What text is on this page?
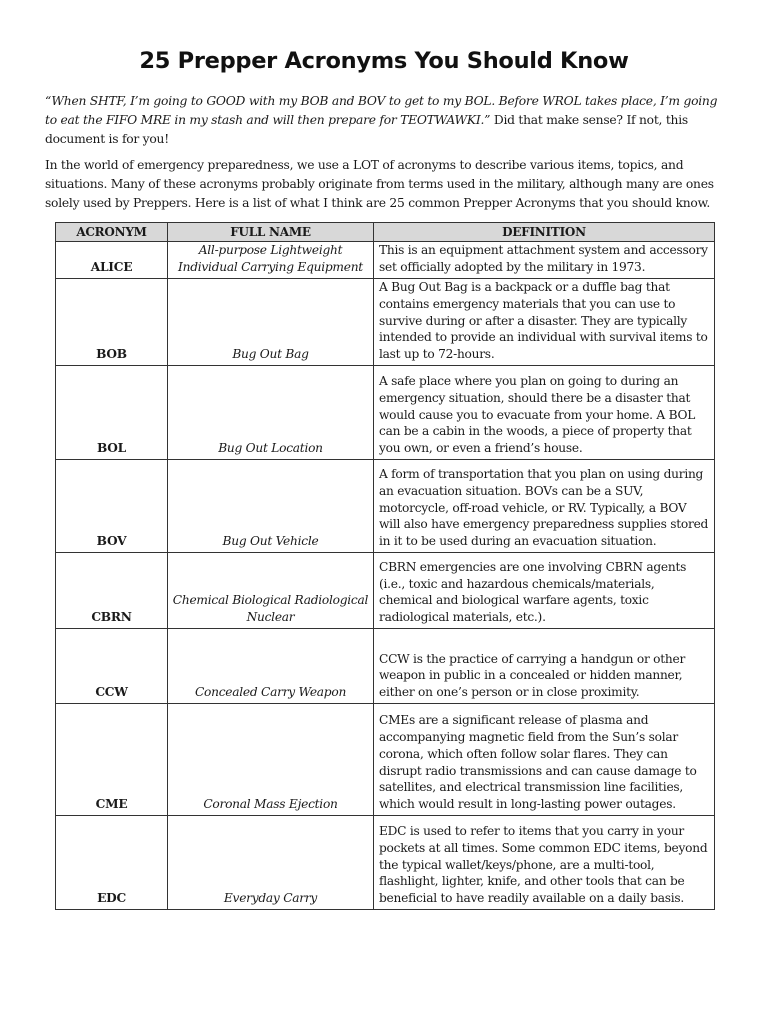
25 Prepper Acronyms You Should Know
“When SHTF, I’m going to GOOD with my BOB and BOV to get to my BOL. Before WROL takes place, I’m going to eat the FIFO MRE in my stash and will then prepare for TEOTWAWKI.” Did that make sense? If not, this document is for you!
In the world of emergency preparedness, we use a LOT of acronyms to describe various items, topics, and situations. Many of these acronyms probably originate from terms used in the military, although many are ones solely used by Preppers. Here is a list of what I think are 25 common Prepper Acronyms that you should know.
ACRONYM	FULL NAME	DEFINITION
ALICE	All-purpose Lightweight Individual Carrying Equipment	This is an equipment attachment system and accessory set officially adopted by the military in 1973.
BOB	Bug Out Bag	A Bug Out Bag is a backpack or a duffle bag that contains emergency materials that you can use to survive during or after a disaster. They are typically intended to provide an individual with survival items to last up to 72-hours.
BOL	Bug Out Location	A safe place where you plan on going to during an emergency situation, should there be a disaster that would cause you to evacuate from your home. A BOL can be a cabin in the woods, a piece of property that you own, or even a friend’s house.
BOV	Bug Out Vehicle	A form of transportation that you plan on using during an evacuation situation. BOVs can be a SUV, motorcycle, off-road vehicle, or RV. Typically, a BOV will also have emergency preparedness supplies stored in it to be used during an evacuation situation.
CBRN	Chemical Biological Radiological Nuclear	CBRN emergencies are one involving CBRN agents (i.e., toxic and hazardous chemicals/materials, chemical and biological warfare agents, toxic radiological materials, etc.).
CCW	Concealed Carry Weapon	CCW is the practice of carrying a handgun or other weapon in public in a concealed or hidden manner, either on one’s person or in close proximity.
CME	Coronal Mass Ejection	CMEs are a significant release of plasma and accompanying magnetic field from the Sun’s solar corona, which often follow solar flares. They can disrupt radio transmissions and can cause damage to satellites, and electrical transmission line facilities, which would result in long-lasting power outages.
EDC	Everyday Carry	EDC is used to refer to items that you carry in your pockets at all times. Some common EDC items, beyond the typical wallet/keys/phone, are a multi-tool, flashlight, lighter, knife, and other tools that can be beneficial to have readily available on a daily basis.
